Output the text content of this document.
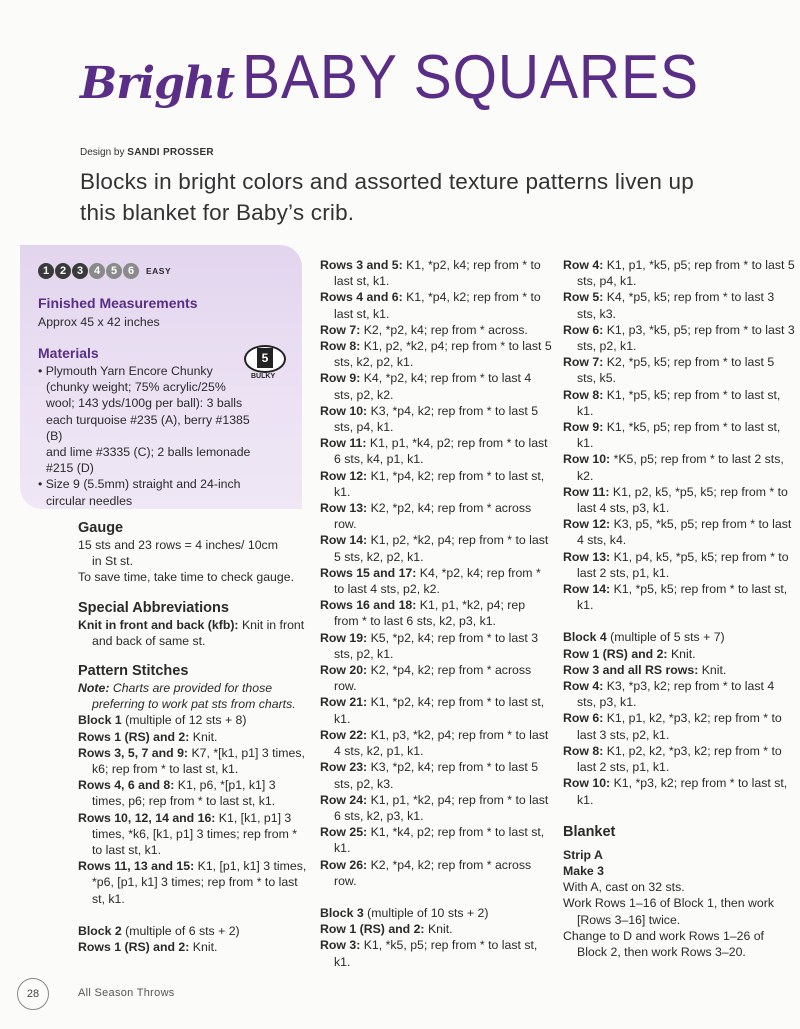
Bright BABY SQUARES
Design by SANDI PROSSER
Blocks in bright colors and assorted texture patterns liven up this blanket for Baby’s crib.
1 2 3 4 5 6	EASY
Finished Measurements
Approx 45 x 42 inches
Materials	5
BULKY
• Plymouth Yarn Encore Chunky
(chunky weight; 75% acrylic/25%
wool; 143 yds/100g per ball): 3 balls
each turquoise #235 (A), berry #1385 (B)
and lime #3335 (C); 2 balls lemonade
#215 (D)
• Size 9 (5.5mm) straight and 24-inch
circular needles
Gauge
15 sts and 23 rows = 4 inches/ 10cm
in St st.
To save time, take time to check gauge.
Special Abbreviations
Knit in front and back (kfb): Knit in front and back of same st.
Pattern Stitches
Note: Charts are provided for those preferring to work pat sts from charts.
Block 1 (multiple of 12 sts + 8)
Rows 1 (RS) and 2: Knit.
Rows 3, 5, 7 and 9: K7, *[k1, p1] 3 times, k6; rep from * to last st, k1.
Rows 4, 6 and 8: K1, p6, *[p1, k1] 3 times, p6; rep from * to last st, k1.
Rows 10, 12, 14 and 16: K1, [k1, p1] 3 times, *k6, [k1, p1] 3 times; rep from * to last st, k1.
Rows 11, 13 and 15: K1, [p1, k1] 3 times, *p6, [p1, k1] 3 times; rep from * to last st, k1.
Block 2 (multiple of 6 sts + 2)
Rows 1 (RS) and 2: Knit.
Rows 3 and 5: K1, *p2, k4; rep from * to last st, k1.
Rows 4 and 6: K1, *p4, k2; rep from * to last st, k1.
Row 7: K2, *p2, k4; rep from * across.
Row 8: K1, p2, *k2, p4; rep from * to last 5 sts, k2, p2, k1.
Row 9: K4, *p2, k4; rep from * to last 4 sts, p2, k2.
Row 10: K3, *p4, k2; rep from * to last 5 sts, p4, k1.
Row 11: K1, p1, *k4, p2; rep from * to last 6 sts, k4, p1, k1.
Row 12: K1, *p4, k2; rep from * to last st, k1.
Row 13: K2, *p2, k4; rep from * across row.
Row 14: K1, p2, *k2, p4; rep from * to last 5 sts, k2, p2, k1.
Rows 15 and 17: K4, *p2, k4; rep from * to last 4 sts, p2, k2.
Rows 16 and 18: K1, p1, *k2, p4; rep from * to last 6 sts, k2, p3, k1.
Row 19: K5, *p2, k4; rep from * to last 3 sts, p2, k1.
Row 20: K2, *p4, k2; rep from * across row.
Row 21: K1, *p2, k4; rep from * to last st, k1.
Row 22: K1, p3, *k2, p4; rep from * to last 4 sts, k2, p1, k1.
Row 23: K3, *p2, k4; rep from * to last 5 sts, p2, k3.
Row 24: K1, p1, *k2, p4; rep from * to last 6 sts, k2, p3, k1.
Row 25: K1, *k4, p2; rep from * to last st, k1.
Row 26: K2, *p4, k2; rep from * across row.
Block 3 (multiple of 10 sts + 2)
Row 1 (RS) and 2: Knit.
Row 3: K1, *k5, p5; rep from * to last st, k1.
Row 4: K1, p1, *k5, p5; rep from * to last 5 sts, p4, k1.
Row 5: K4, *p5, k5; rep from * to last 3 sts, k3.
Row 6: K1, p3, *k5, p5; rep from * to last 3 sts, p2, k1.
Row 7: K2, *p5, k5; rep from * to last 5 sts, k5.
Row 8: K1, *p5, k5; rep from * to last st, k1.
Row 9: K1, *k5, p5; rep from * to last st, k1.
Row 10: *K5, p5; rep from * to last 2 sts, k2.
Row 11: K1, p2, k5, *p5, k5; rep from * to last 4 sts, p3, k1.
Row 12: K3, p5, *k5, p5; rep from * to last 4 sts, k4.
Row 13: K1, p4, k5, *p5, k5; rep from * to last 2 sts, p1, k1.
Row 14: K1, *p5, k5; rep from * to last st, k1.
Block 4 (multiple of 5 sts + 7)
Row 1 (RS) and 2: Knit.
Row 3 and all RS rows: Knit.
Row 4: K3, *p3, k2; rep from * to last 4 sts, p3, k1.
Row 6: K1, p1, k2, *p3, k2; rep from * to last 3 sts, p2, k1.
Row 8: K1, p2, k2, *p3, k2; rep from * to last 2 sts, p1, k1.
Row 10: K1, *p3, k2; rep from * to last st, k1.
Blanket
Strip A
Make 3
With A, cast on 32 sts.
Work Rows 1–16 of Block 1, then work [Rows 3–16] twice.
Change to D and work Rows 1–26 of Block 2, then work Rows 3–20.
28	All Season Throws
